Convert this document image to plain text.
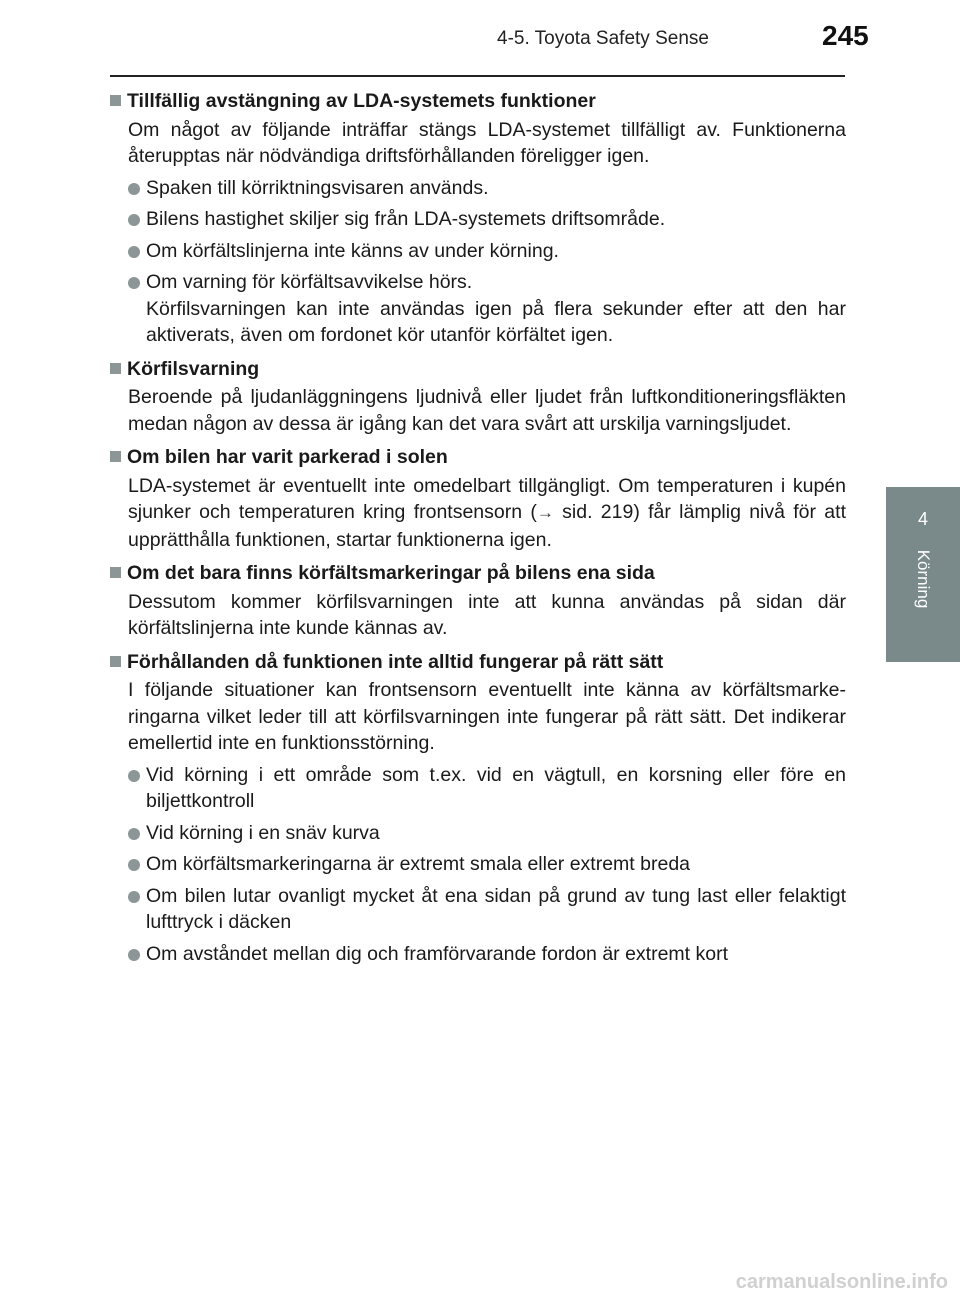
4-5. Toyota Safety Sense	245
4
Körning
Tillfällig avstängning av LDA-systemets funktioner
Om något av följande inträffar stängs LDA-systemet tillfälligt av. Funktionerna återupptas när nödvändiga driftsförhållanden föreligger igen.
Spaken till körriktningsvisaren används.
Bilens hastighet skiljer sig från LDA-systemets driftsområde.
Om körfältslinjerna inte känns av under körning.
Om varning för körfältsavvikelse hörs.
Körfilsvarningen kan inte användas igen på flera sekunder efter att den har aktiverats, även om fordonet kör utanför körfältet igen.
Körfilsvarning
Beroende på ljudanläggningens ljudnivå eller ljudet från luftkonditioneringsfläkten medan någon av dessa är igång kan det vara svårt att urskilja varningsljudet.
Om bilen har varit parkerad i solen
LDA-systemet är eventuellt inte omedelbart tillgängligt. Om temperaturen i kupén sjunker och temperaturen kring frontsensorn (→ sid. 219) får lämplig nivå för att upprätthålla funktionen, startar funktionerna igen.
Om det bara finns körfältsmarkeringar på bilens ena sida
Dessutom kommer körfilsvarningen inte att kunna användas på sidan där körfältslinjerna inte kunde kännas av.
Förhållanden då funktionen inte alltid fungerar på rätt sätt
I följande situationer kan frontsensorn eventuellt inte känna av körfältsmarkeringarna vilket leder till att körfilsvarningen inte fungerar på rätt sätt. Det indikerar emellertid inte en funktionsstörning.
Vid körning i ett område som t.ex. vid en vägtull, en korsning eller före en biljettkontroll
Vid körning i en snäv kurva
Om körfältsmarkeringarna är extremt smala eller extremt breda
Om bilen lutar ovanligt mycket åt ena sidan på grund av tung last eller felaktigt lufttryck i däcken
Om avståndet mellan dig och framförvarande fordon är extremt kort
carmanualsonline.info
